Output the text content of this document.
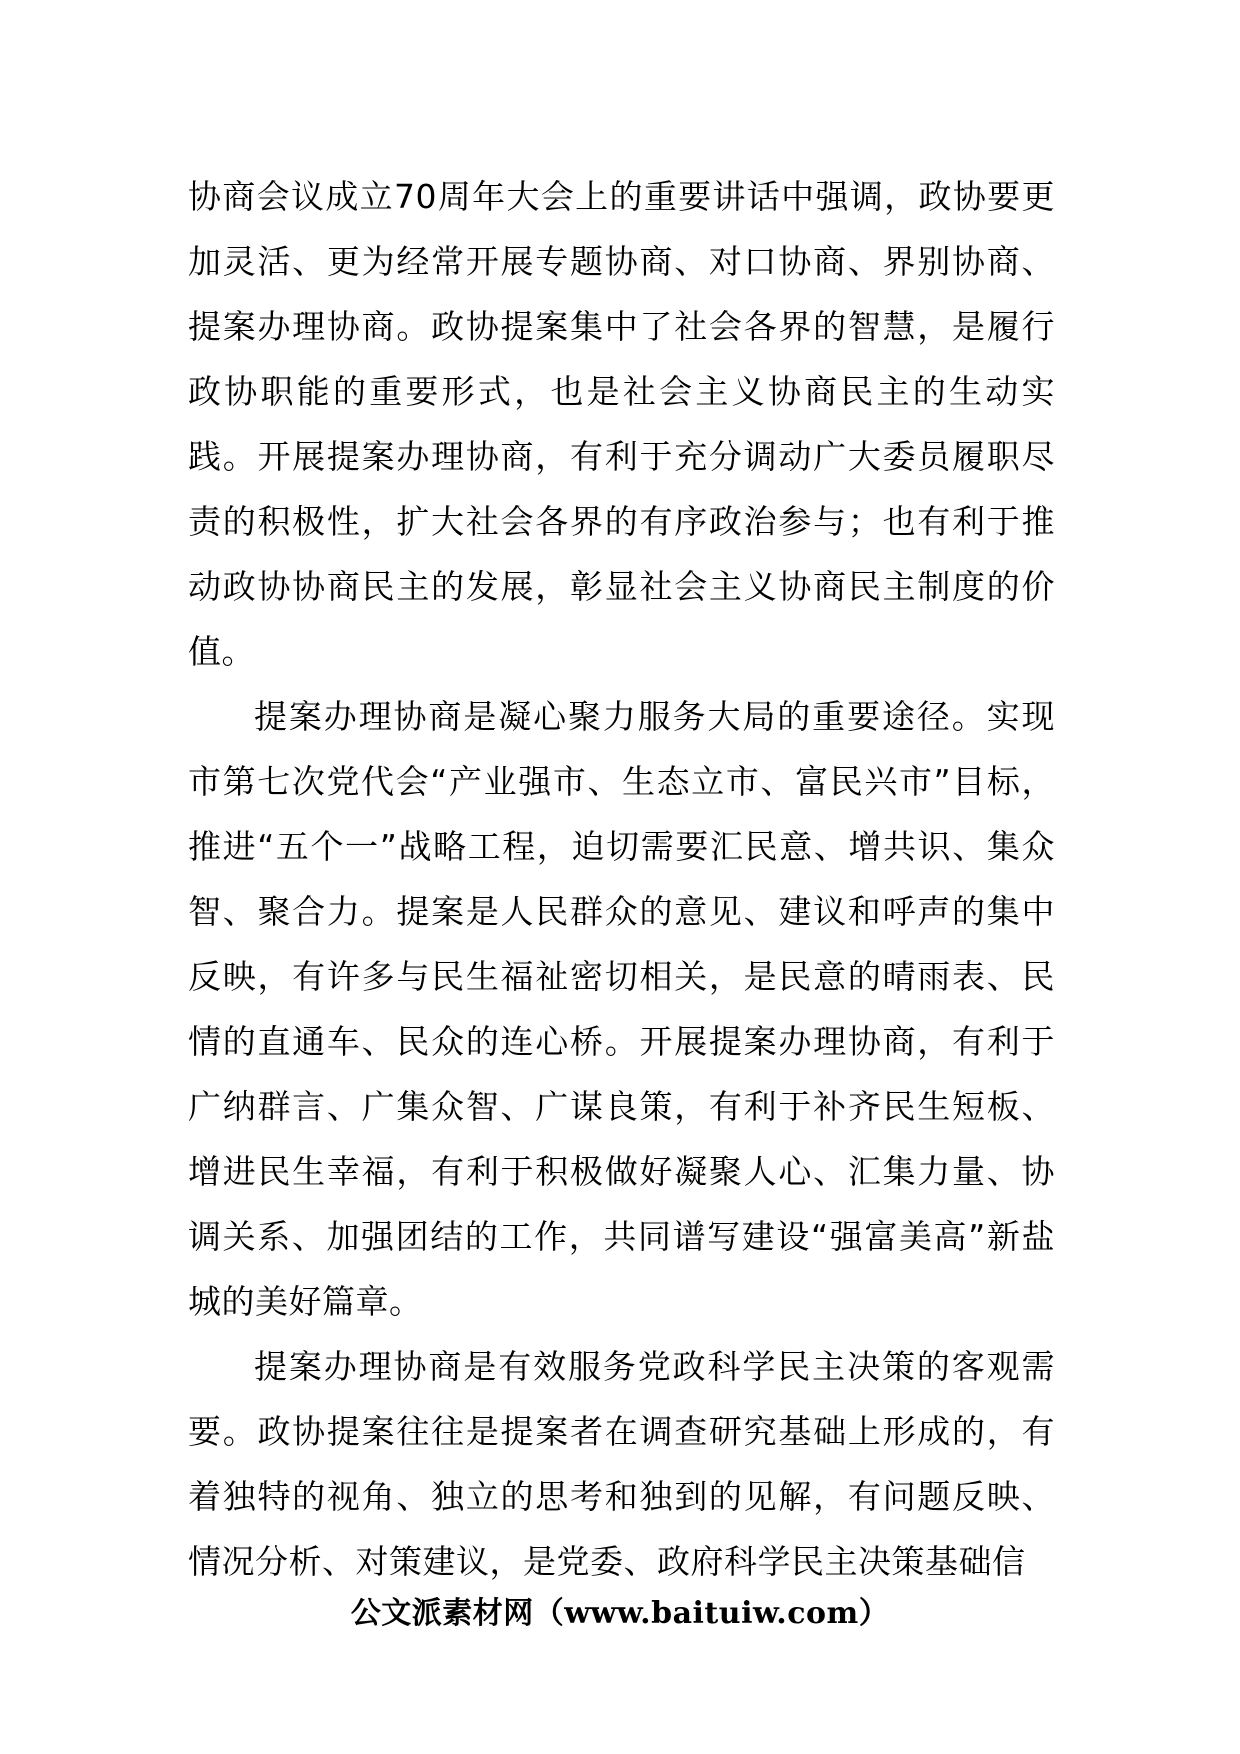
协商会议成立70周年大会上的重要讲话中强调，政协要更加灵活、更为经常开展专题协商、对口协商、界别协商、提案办理协商。政协提案集中了社会各界的智慧，是履行政协职能的重要形式，也是社会主义协商民主的生动实践。开展提案办理协商，有利于充分调动广大委员履职尽责的积极性，扩大社会各界的有序政治参与；也有利于推动政协协商民主的发展，彰显社会主义协商民主制度的价值。

提案办理协商是凝心聚力服务大局的重要途径。实现市第七次党代会“产业强市、生态立市、富民兴市”目标，推进“五个一”战略工程，迫切需要汇民意、增共识、集众智、聚合力。提案是人民群众的意见、建议和呼声的集中反映，有许多与民生福祉密切相关，是民意的晴雨表、民情的直通车、民众的连心桥。开展提案办理协商，有利于广纳群言、广集众智、广谋良策，有利于补齐民生短板、增进民生幸福，有利于积极做好凝聚人心、汇集力量、协调关系、加强团结的工作，共同谱写建设“强富美高”新盐城的美好篇章。

提案办理协商是有效服务党政科学民主决策的客观需要。政协提案往往是提案者在调查研究基础上形成的，有着独特的视角、独立的思考和独到的见解，有问题反映、情况分析、对策建议，是党委、政府科学民主决策基础信

公文派素材网（www.baituiw.com）
